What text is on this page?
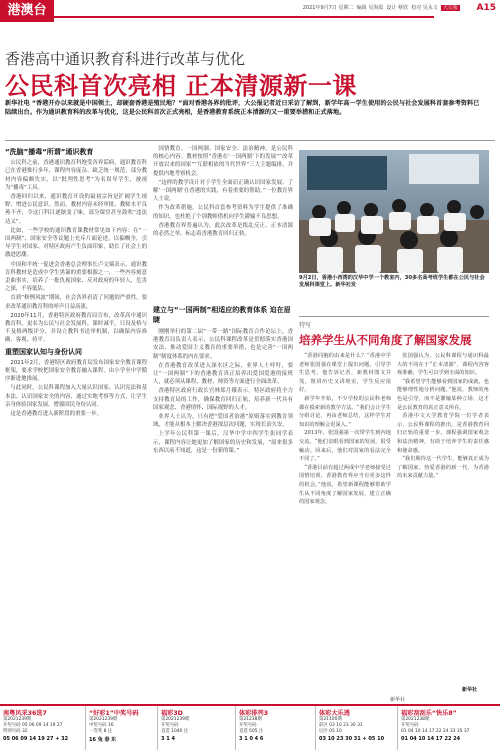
港澳台	2021年9月7日 星期二 编辑 吴海霞 设计 蔡欣 校对 吴永文 大公报 A15
香港高中通识教育科进行改革与优化
公民科首次亮相 正本清源新一课
新华社电 “香港开办以来就是中国领土，却硬套香港是殖民地？”面对香港各界的批评，大公报记者近日采访了解到，新学年高一学生使用的公民与社会发展科首套参考资料已陆续出台。作为通识教育科的改革与优化，这是公民科首次正式亮相，是香港教育系统正本清源的又一重要举措和正式落地。
“洗脑”播毒“所谓”通识教育

公民科之前，香港通识教育科饱受各界诟病。通识教育科已在香港推行多年，课程内容庞杂、缺乏统一规范，部分教材内容偏颇失实，以“批判性思考”为名误导学生，被视为“播毒”工具。

香港回归以来，通识教育开设的最初宗旨是扩阔学生视野、增进公民意识。然而，教材内容未经审批、教师水平良莠不齐，令这门科目逐渐变了味，部分课堂甚至鼓吹“违法达义”。

比如，一些学校的通识教育课教材常见如下内容：在“一国两制”、国家安全等议题上充斥片面论述，以偏概全，引导学生对国家、对特区政府产生负面印象，助长了社会上的激进思潮。

中国和平统一促进会香港总会理事长卢文端表示，通识教育科教材是造成中学生黑暴的重要根源之一，一些内容刻意歪曲事实，培养了一批仇视国家、反对政府的年轻人，危害之深，不容低估。

直到“修例风波”期间，社会各界看清了问题的严重性，要求改革通识教育科的呼声日益高涨。

2020年11月，香港特区政府教育局宣布，改革高中通识教育科，更名为公民与社会发展科，课时减半，只设及格与不及格两级评分，并设立教科书送审机制，以确保内容准确、客观、持平。

重塑国家认知与身份认同

2021年2月，香港特区政府教育局发布国家安全教育课程框架，要求学校把国家安全教育融入课程，由小学至中学循序渐进地推展。

与此同时，公民科课程加入大量认识国家、认识宪法和基本法、认识国家安全的内容，通过实地考察等方式，让学生亲身体验国家发展，增强国民身份认同。

这是香港教育进入新阶段的重要一步。

国情教育、一国两制、国家安全、法治精神，是公民科的核心内容。教材按照“香港在‘一国两制’下的发展”“改革开放以来的国家”“互联相依的当代世界”三大主题编排，并提供内地考察机会。

“这样的教学设计对于学生全面而正确认识国家发展、了解‘一国两制’在香港的实践，有着重要的帮助。”一位教育界人士说。

作为改革措施，公民科首套参考资料为学生提供了准确的知识，也杜绝了个别教师借机向学生灌输不良思想。

香港教育界普遍认为，此次改革是拨乱反正、正本清源的必然之举，标志着香港教育回归正轨。

建立与“一国两制”相适应的教育体系 迫在眉睫

刚刚举行的第二届“一带一路”国际教育合作论坛上，香港教育局负责人表示，公民科课程改革是贯彻落实香港国安法、推动爱国主义教育的重要举措，也是完善“一国两制”制度体系的内在要求。

在香港教育改革进入深水区之际，业界人士呼吁，要让“一国两制”下的香港教育真正培养出爱国爱港的接班人，就必须从课程、教材、师资等方面进行全面改革。

香港特区政府行政长官林郑月娥表示，特区政府将全力支持教育局的工作，确保教育回归正轨，培养新一代具有国家观念、香港情怀、国际视野的人才。

业界人士认为，只有把“爱国者治港”原则落实到教育领域，才能从根本上解决香港深层次问题，实现长治久安。

上学年公民科第一课后，汉华中学中四学生张同学表示，课程内容让她更加了解国家的历史和发展，“原来很多东西以前不知道，这是一份新的课。”

9月2日，香港小西湾的汉华中学一个教室内，30多名高考班学生都在公民与社会发展科课堂上。新华社发
特写
培养学生从不同角度了解国家发展

“香港同胞的由来是什么？”香港中学老师张国强在课堂上提出问题，引导学生思考。他告诉记者，新教材图文并茂，既讲历史又讲现实，学生反应很好。

新学年开始，不少学校的公民科老师都在摸索新的教学方法。“我们会让学生分组讨论，再由老师总结，这样学生对知识的理解会更深入。”

2013年，张国强第一次带学生到内地交流，“他们亲眼看到国家的发展，很受触动。回来后，他们对国家的看法完全不同了。”

“香港目前有超过两成中学老师接受过国情培训，香港教育界应当有更多这样的机会。”他说，希望新课程能够帮助学生从不同角度了解国家发展，建立正确的国家观念。

张国强认为，公民科课程与通识科最大的不同在于“正本清源”，课程内容客观准确，学生可以学到全面的知识。

“我希望学生能够看到国家的成就，也能够理性地分析问题。”他说，教师的角色是引导，而不是灌输某种立场，这才是公民教育的真正意义所在。

香港中文大学教育学院一位学者表示，公民科课程的推出，是香港教育回归正轨的重要一步。课程强调国家观念和法治精神，有助于培养学生的责任感和使命感。

“我们期待这一代学生，能够真正成为了解国家、热爱香港的新一代，为香港的未来贡献力量。”

新华社
新华社
南粤风采36选7
第2021239期
开奖号码 05 06 09 14 19 27
特别号码 32
05 06 09 14 19 27 + 32
“好彩1”中奖号码
第2021239期
中奖号码 16
一等奖 8 注
16 兔 春 东
福彩3D
第2021239期
开奖号码
直选 1040 注
3 1 4
体彩排列3
第21238期
开奖号码
直选 505 注
3 1 0 4 6
体彩大乐透
第21100期
前区 03 10 23 30 31
后区 05 10
03 10 23 30 31 + 05 10
福彩刮刮乐“快乐8”
第2021238期
开奖号码
01 04 10 14 17 22 24 33 35 37
01 04 10 14 17 22 24
